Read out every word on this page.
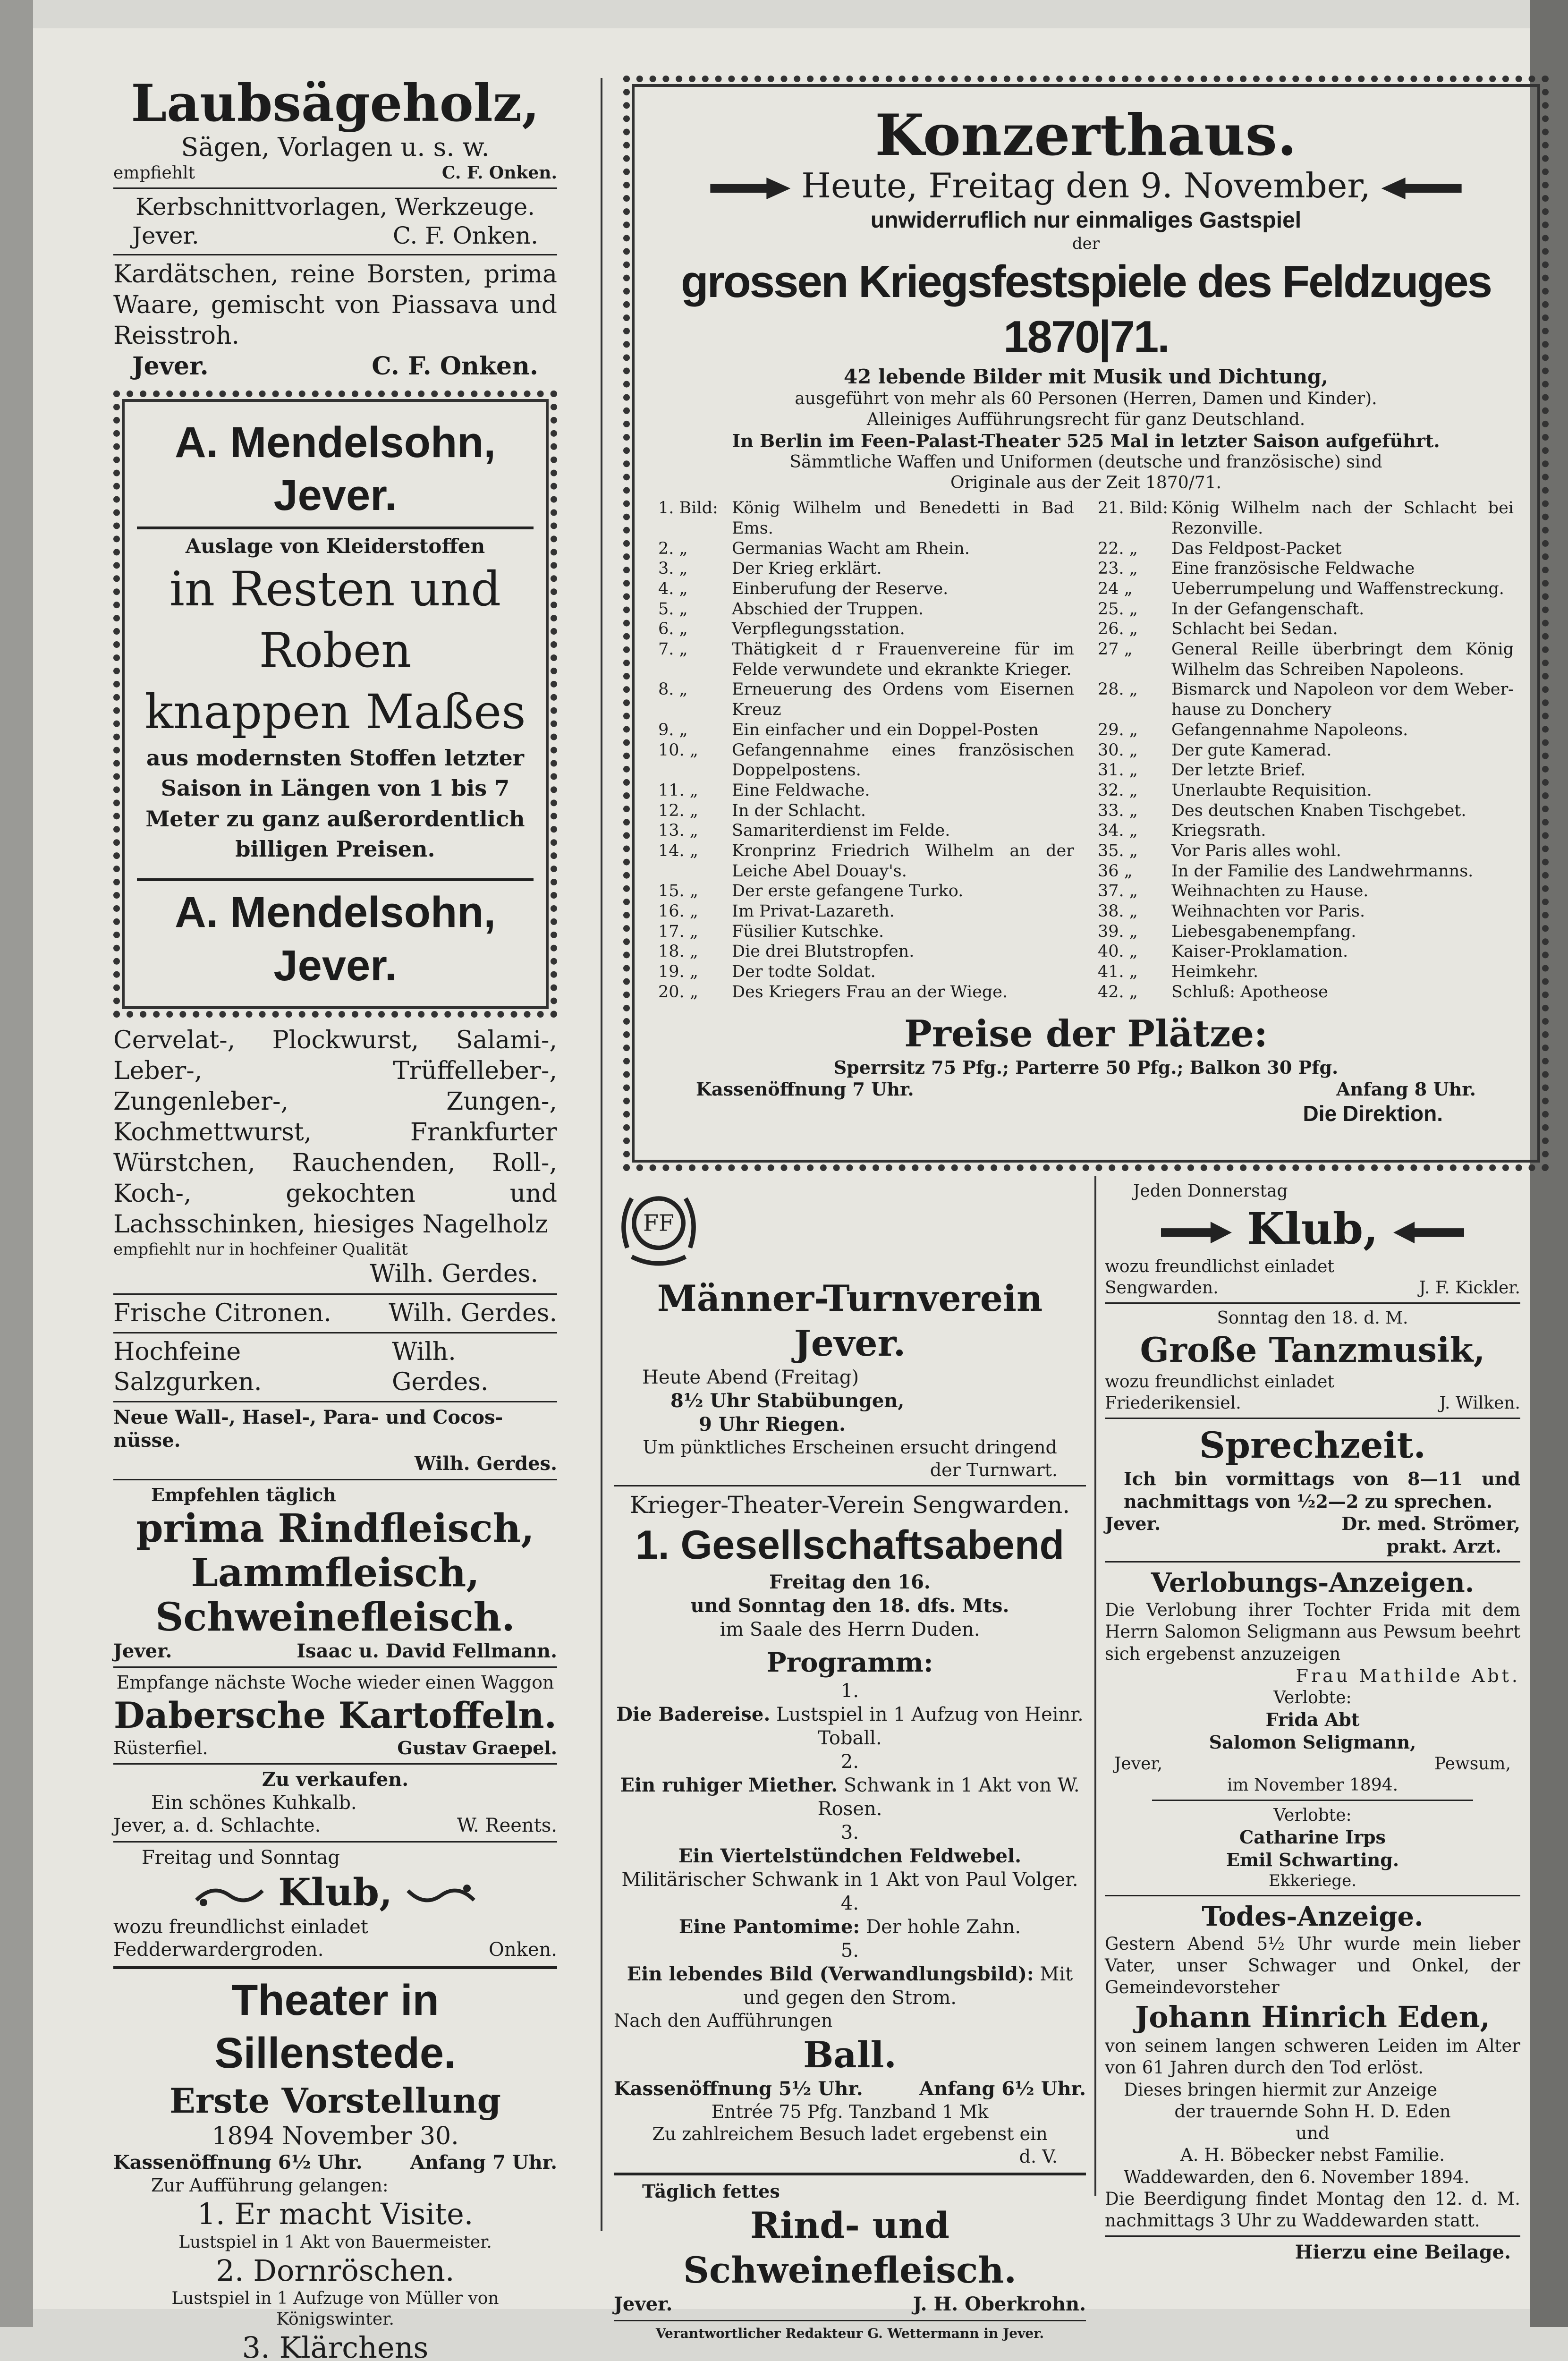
Laubsägeholz,
Sägen, Vorlagen u. s. w.
empfiehlt	C. F. Onken.
Kerbschnittvorlagen, Werkzeuge.
Jever.	C. F. Onken.
Kardätschen, reine Borsten, prima Waare, gemischt von Piassava und Reisstroh.
Jever.	C. F. Onken.
A. Mendelsohn, Jever.
Auslage von Kleiderstoffen
in Resten und Roben
knappen Maßes
aus modernsten Stoffen letzter Saison in Längen von 1 bis 7 Meter zu ganz außerordentlich billigen Preisen.
A. Mendelsohn, Jever.
Cervelat-, Plockwurst, Salami-, Leber-, Trüffelleber-, Zungenleber-, Zungen-, Kochmettwurst, Frankfurter Würstchen, Rauchenden, Roll-, Koch-, gekochten und Lachsschinken, hiesiges Nagelholz
empfiehlt nur in hochfeiner Qualität
Wilh. Gerdes.
Frische Citronen. Wilh. Gerdes.
Hochfeine Salzgurken.
Wilh. Gerdes.
Neue Wall-, Hasel-, Para- und Cocos-nüsse.
Wilh. Gerdes.
Empfehlen täglich
prima Rindfleisch,
Lammfleisch,
Schweinefleisch.
Jever.	Isaac u. David Fellmann.
Empfange nächste Woche wieder einen Waggon
Dabersche Kartoffeln.
Rüsterfiel.	Gustav Graepel.
Zu verkaufen.
Ein schönes Kuhkalb.
Jever, a. d. Schlachte.	W. Reents.
Freitag und Sonntag
Klub,
wozu freundlichst einladet
Fedderwardergroden.	Onken.
Theater in Sillenstede.
Erste Vorstellung
1894 November 30.
Kassenöffnung 6½ Uhr.	Anfang 7 Uhr.
Zur Aufführung gelangen:
1. Er macht Visite.
Lustspiel in 1 Akt von Bauermeister.
2. Dornröschen.
Lustspiel in 1 Aufzuge von Müller von Königswinter.
3. Klärchens

Konzerthaus.
Heute, Freitag den 9. November,
unwiderruflich nur einmaliges Gastspiel
der
grossen Kriegsfestspiele des Feldzuges 1870|71.
42 lebende Bilder mit Musik und Dichtung,
ausgeführt von mehr als 60 Personen (Herren, Damen und Kinder).
Alleiniges Aufführungsrecht für ganz Deutschland.
In Berlin im Feen-Palast-Theater 525 Mal in letzter Saison aufgeführt.
Sämmtliche Waffen und Uniformen (deutsche und französische) sind Originale aus der Zeit 1870/71.
1. Bild: König Wilhelm und Benedetti in Bad Ems.
2. „	Germanias Wacht am Rhein.
3. „	Der Krieg erklärt.
4. „	Einberufung der Reserve.
5. „	Abschied der Truppen.
6. „	Verpflegungsstation.
7. „	Thätigkeit d r Frauenvereine für im Felde verwundete und ekrankte Krieger.
8. „	Erneuerung des Ordens vom Eisernen Kreuz
9. „	Ein einfacher und ein Doppel-Posten
10. „	Gefangennahme eines französischen Doppelpostens.
11. „	Eine Feldwache.
12. „	In der Schlacht.
13. „	Samariterdienst im Felde.
14. „	Kronprinz Friedrich Wilhelm an der Leiche Abel Douay's.
15. „	Der erste gefangene Turko.
16. „	Im Privat-Lazareth.
17. „	Füsilier Kutschke.
18. „	Die drei Blutstropfen.
19. „	Der todte Soldat.
20. „	Des Kriegers Frau an der Wiege.
21. Bild: König Wilhelm nach der Schlacht bei Rezonville.
22. „	Das Feldpost-Packet
23. „	Eine französische Feldwache
24 „	Ueberrumpelung und Waffenstreckung.
25. „	In der Gefangenschaft.
26. „	Schlacht bei Sedan.
27 „	General Reille überbringt dem König Wilhelm das Schreiben Napoleons.
28. „	Bismarck und Napoleon vor dem Weber-hause zu Donchery
29. „	Gefangennahme Napoleons.
30. „	Der gute Kamerad.
31. „	Der letzte Brief.
32. „	Unerlaubte Requisition.
33. „	Des deutschen Knaben Tischgebet.
34. „	Kriegsrath.
35. „	Vor Paris alles wohl.
36 „	In der Familie des Landwehrmanns.
37. „	Weihnachten zu Hause.
38. „	Weihnachten vor Paris.
39. „	Liebesgabenempfang.
40. „	Kaiser-Proklamation.
41. „	Heimkehr.
42. „	Schluß: Apotheose
Preise der Plätze:
Sperrsitz 75 Pfg.; Parterre 50 Pfg.; Balkon 30 Pfg.
Kassenöffnung 7 Uhr.	Anfang 8 Uhr.
Die Direktion.
FF
Männer-Turnverein Jever.
Heute Abend (Freitag)
8½ Uhr Stabübungen,
9 Uhr Riegen.
Um pünktliches Erscheinen ersucht dringend
der Turnwart.
Krieger-Theater-Verein Sengwarden.
1. Gesellschaftsabend
Freitag den 16.
und Sonntag den 18. dfs. Mts.
im Saale des Herrn Duden.
Programm:
1.
Die Badereise. Lustspiel in 1 Aufzug von Heinr. Toball.
2.
Ein ruhiger Miether. Schwank in 1 Akt von W. Rosen.
3.
Ein Viertelstündchen Feldwebel. Militärischer Schwank in 1 Akt von Paul Volger.
4.
Eine Pantomime: Der hohle Zahn.
5.
Ein lebendes Bild (Verwandlungsbild): Mit und gegen den Strom.
Nach den Aufführungen
Ball.
Kassenöffnung 5½ Uhr.	Anfang 6½ Uhr.
Entrée 75 Pfg. Tanzband 1 Mk
Zu zahlreichem Besuch ladet ergebenst ein
d. V.
Täglich fettes
Rind- und Schweinefleisch.
Jever.	J. H. Oberkrohn.
Verantwortlicher Redakteur G. Wettermann in Jever.
Jeden Donnerstag
Klub,
wozu freundlichst einladet
Sengwarden.	J. F. Kickler.
Sonntag den 18. d. M.
Große Tanzmusik,
wozu freundlichst einladet
Friederikensiel.	J. Wilken.
Sprechzeit.
Ich bin vormittags von 8—11 und nachmittags von ½2—2 zu sprechen.
Jever.	Dr. med. Strömer,
prakt. Arzt.
Verlobungs-Anzeigen.
Die Verlobung ihrer Tochter Frida mit dem Herrn Salomon Seligmann aus Pewsum beehrt sich ergebenst anzuzeigen
Frau Mathilde Abt.
Verlobte:
Frida Abt
Salomon Seligmann,
Jever,	Pewsum,
im November 1894.
Verlobte:
Catharine Irps
Emil Schwarting.
Ekkeriege.
Todes-Anzeige.
Gestern Abend 5½ Uhr wurde mein lieber Vater, unser Schwager und Onkel, der Gemeindevorsteher
Johann Hinrich Eden,
von seinem langen schweren Leiden im Alter von 61 Jahren durch den Tod erlöst.
Dieses bringen hiermit zur Anzeige
der trauernde Sohn H. D. Eden
und
A. H. Böbecker nebst Familie.
Waddewarden, den 6. November 1894.
Die Beerdigung findet Montag den 12. d. M. nachmittags 3 Uhr zu Waddewarden statt.
Hierzu eine Beilage.
